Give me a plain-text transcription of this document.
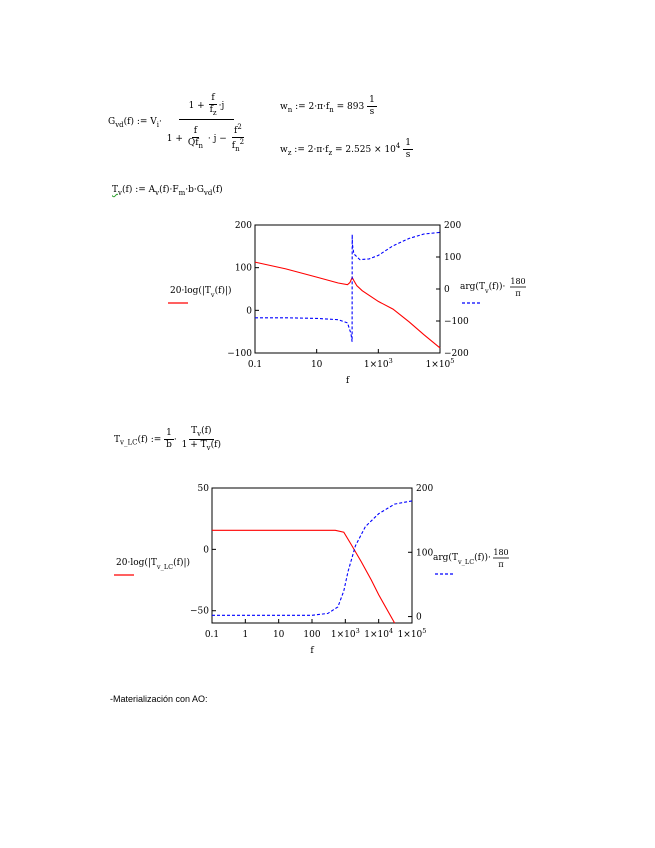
$G_{vd}(f)$ := $V_i\cdot \frac{1 + \frac{f}{f_z} \cdot j}{1 + \frac{f}{Qf_n} \cdot j - \frac{f^2}{f_n^2}}$	$w_n$ := $2\cdot\pi\cdot f_n = 893 \frac{1}{s}$
$w_z$ := $2\cdot\pi\cdot f_z = 2.525 \times 10^4 \frac{1}{s}$
$T_v(f)$ := $A_v(f)\cdot F_m\cdot b\cdot G_{vd}(f)$
0.1	10	$1\times 10^3$	$1\times 10^5$
f
200
100
0
−100
200
100
0
−100
−200
$20\cdot\log(|T_v(f)|)$	$arg(T_v(f))\cdot$
180
π
$T_{v\_LC}(f)$ := $\frac{1}{b} \cdot \frac{T_v(f)}{1 + T_v(f)}$
0.1	1	10 100 $1\times 10^3$ $1\times 10^4$ $1\times 10^5$
f
50
0
−50
200
100
0
$20\cdot\log(|T_{v\_LC}(f)|)$	$arg(T_{v\_LC}(f))\cdot$
180
π
-Materialización con AO:
